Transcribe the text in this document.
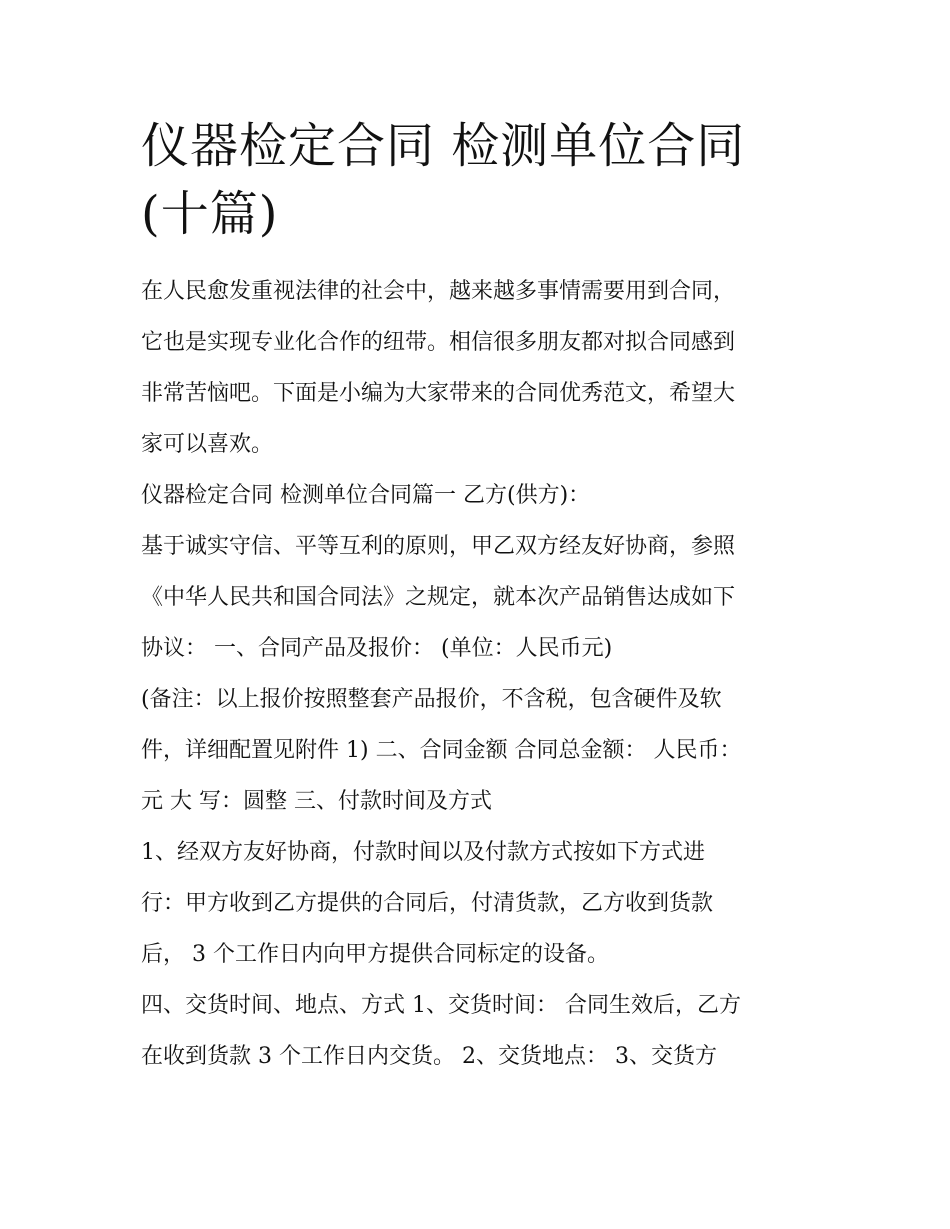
仪器检定合同 检测单位合同
(十篇)

在人民愈发重视法律的社会中，越来越多事情需要用到合同，
它也是实现专业化合作的纽带。相信很多朋友都对拟合同感到
非常苦恼吧。下面是小编为大家带来的合同优秀范文，希望大
家可以喜欢。

仪器检定合同 检测单位合同篇一 乙方(供方)：

基于诚实守信、平等互利的原则，甲乙双方经友好协商，参照
《中华人民共和国合同法》之规定，就本次产品销售达成如下
协议： 一、合同产品及报价： (单位：人民币元)

(备注：以上报价按照整套产品报价，不含税，包含硬件及软
件，详细配置见附件 1) 二、合同金额 合同总金额： 人民币：
元 大 写：圆整 三、付款时间及方式

1、经双方友好协商，付款时间以及付款方式按如下方式进
行：甲方收到乙方提供的合同后，付清货款，乙方收到货款
后， 3 个工作日内向甲方提供合同标定的设备。

四、交货时间、地点、方式 1、交货时间： 合同生效后，乙方
在收到货款 3 个工作日内交货。 2、交货地点： 3、交货方
